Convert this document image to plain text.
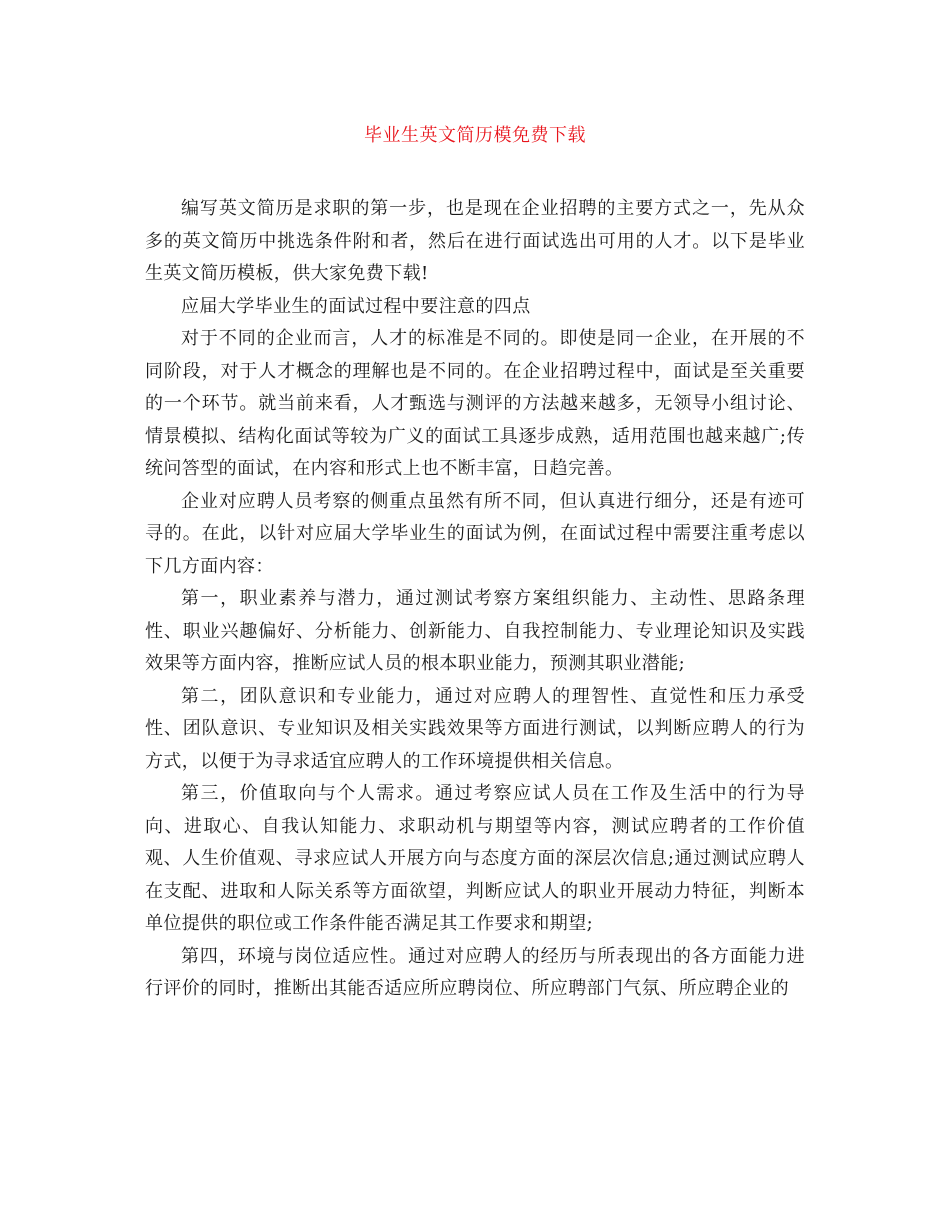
毕业生英文简历模免费下载

编写英文简历是求职的第一步，也是现在企业招聘的主要方式之一，先从众多的英文简历中挑选条件附和者，然后在进行面试选出可用的人才。以下是毕业生英文简历模板，供大家免费下载!

应届大学毕业生的面试过程中要注意的四点

对于不同的企业而言，人才的标准是不同的。即使是同一企业，在开展的不同阶段，对于人才概念的理解也是不同的。在企业招聘过程中，面试是至关重要的一个环节。就当前来看，人才甄选与测评的方法越来越多，无领导小组讨论、情景模拟、结构化面试等较为广义的面试工具逐步成熟，适用范围也越来越广;传统问答型的面试，在内容和形式上也不断丰富，日趋完善。

企业对应聘人员考察的侧重点虽然有所不同，但认真进行细分，还是有迹可寻的。在此，以针对应届大学毕业生的面试为例，在面试过程中需要注重考虑以下几方面内容：

第一，职业素养与潜力，通过测试考察方案组织能力、主动性、思路条理性、职业兴趣偏好、分析能力、创新能力、自我控制能力、专业理论知识及实践效果等方面内容，推断应试人员的根本职业能力，预测其职业潜能;

第二，团队意识和专业能力，通过对应聘人的理智性、直觉性和压力承受性、团队意识、专业知识及相关实践效果等方面进行测试，以判断应聘人的行为方式，以便于为寻求适宜应聘人的工作环境提供相关信息。

第三，价值取向与个人需求。通过考察应试人员在工作及生活中的行为导向、进取心、自我认知能力、求职动机与期望等内容，测试应聘者的工作价值观、人生价值观、寻求应试人开展方向与态度方面的深层次信息;通过测试应聘人在支配、进取和人际关系等方面欲望，判断应试人的职业开展动力特征，判断本单位提供的职位或工作条件能否满足其工作要求和期望;

第四，环境与岗位适应性。通过对应聘人的经历与所表现出的各方面能力进行评价的同时，推断出其能否适应所应聘岗位、所应聘部门气氛、所应聘企业的
